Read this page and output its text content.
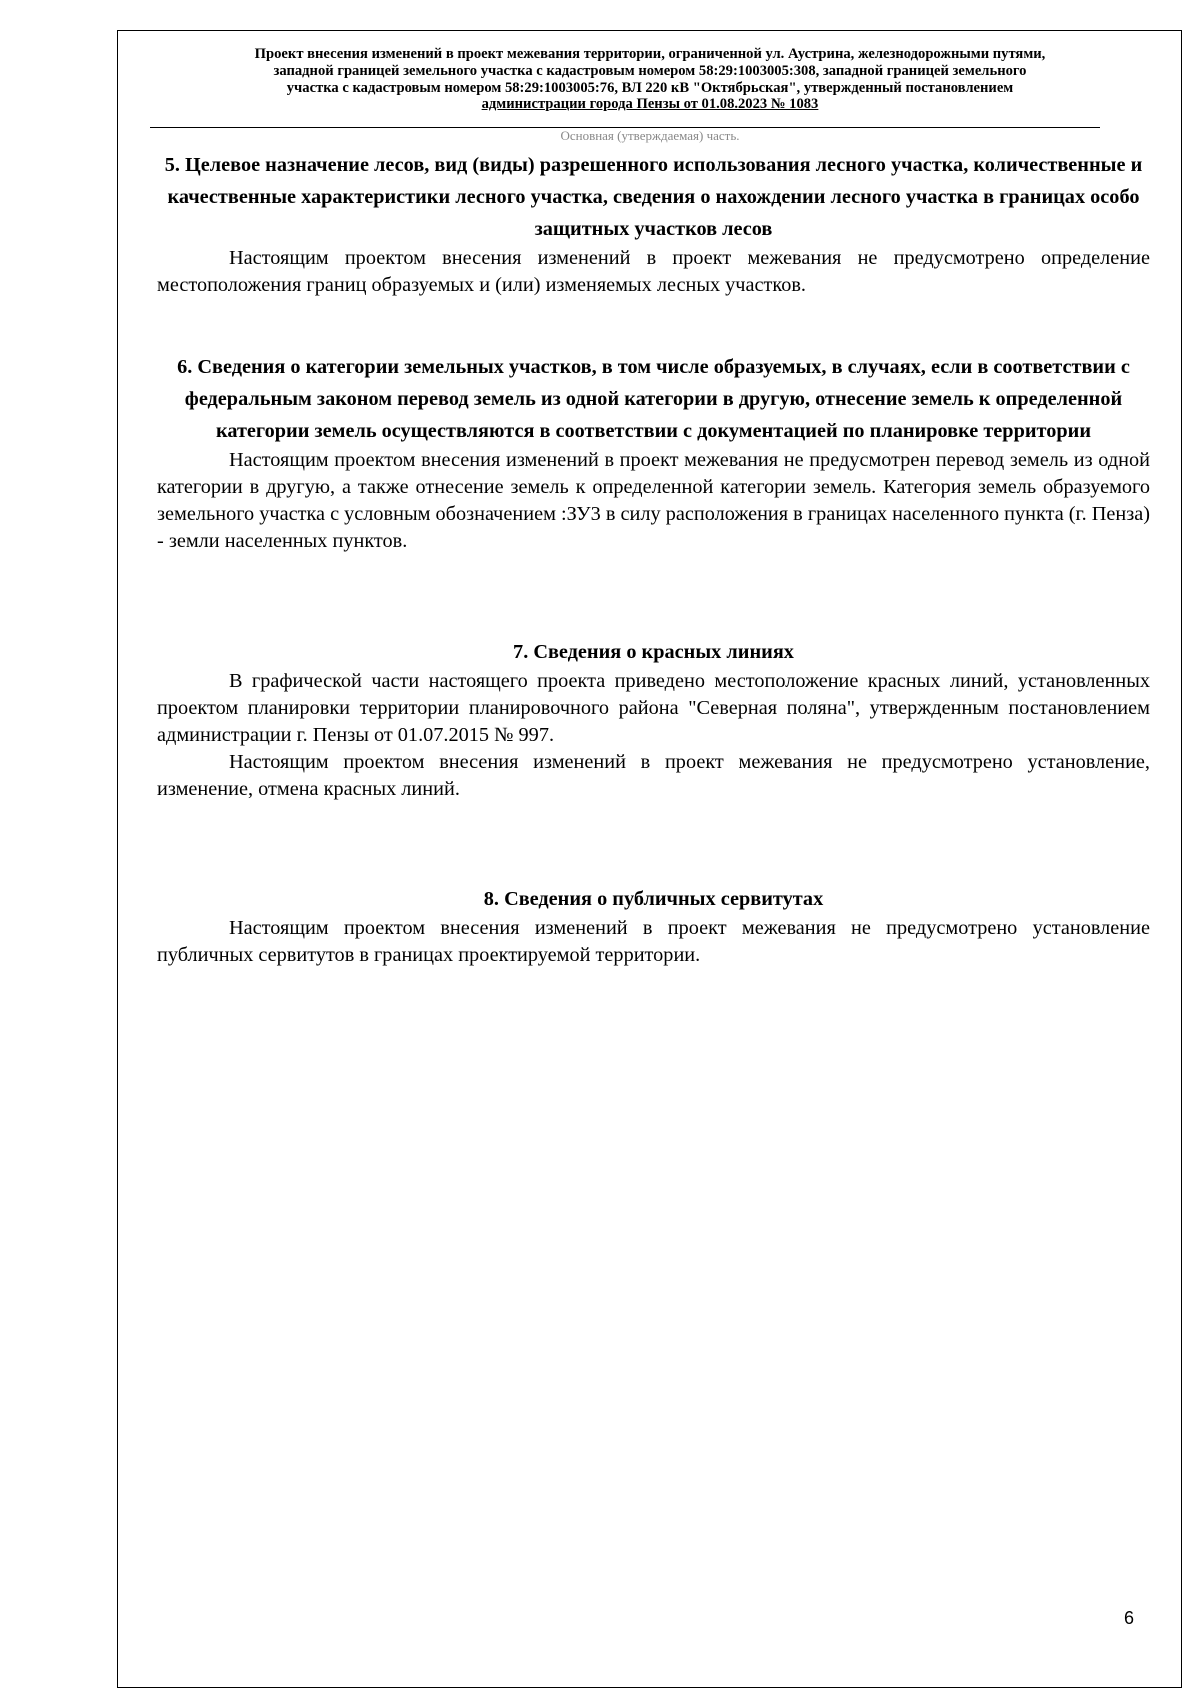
Проект внесения изменений в проект межевания территории, ограниченной ул. Аустрина, железнодорожными путями,
западной границей земельного участка с кадастровым номером 58:29:1003005:308, западной границей земельного
участка с кадастровым номером 58:29:1003005:76, ВЛ 220 кВ "Октябрьская", утвержденный постановлением
администрации города Пензы от 01.08.2023 № 1083
Основная (утверждаемая) часть.

5. Целевое назначение лесов, вид (виды) разрешенного использования лесного участка, количественные и качественные характеристики лесного участка, сведения о нахождении лесного участка в границах особо защитных участков лесов

Настоящим проектом внесения изменений в проект межевания не предусмотрено определение местоположения границ образуемых и (или) изменяемых лесных участков.

6. Сведения о категории земельных участков, в том числе образуемых, в случаях, если в соответствии с федеральным законом перевод земель из одной категории в другую, отнесение земель к определенной категории земель осуществляются в соответствии с документацией по планировке территории

Настоящим проектом внесения изменений в проект межевания не предусмотрен перевод земель из одной категории в другую, а также отнесение земель к определенной категории земель. Категория земель образуемого земельного участка с условным обозначением :ЗУ3 в силу расположения в границах населенного пункта (г. Пенза) - земли населенных пунктов.

7. Сведения о красных линиях

В графической части настоящего проекта приведено местоположение красных линий, установленных проектом планировки территории планировочного района "Северная поляна", утвержденным постановлением администрации г. Пензы от 01.07.2015 № 997.

Настоящим проектом внесения изменений в проект межевания не предусмотрено установление, изменение, отмена красных линий.

8. Сведения о публичных сервитутах

Настоящим проектом внесения изменений в проект межевания не предусмотрено установление публичных сервитутов в границах проектируемой территории.

6
